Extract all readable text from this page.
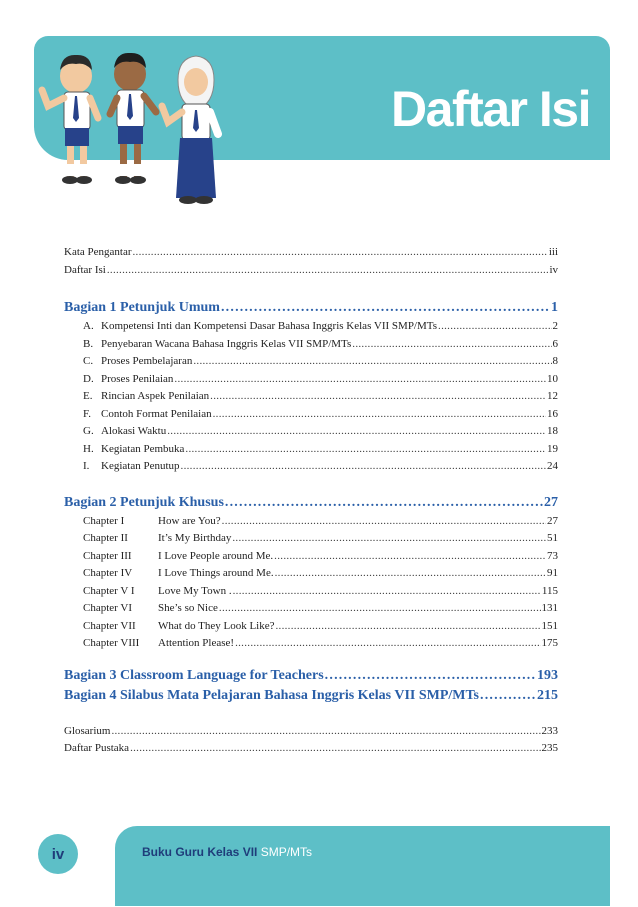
Daftar Isi
Kata Pengantar .....	iii
Daftar Isi .....	iv
Bagian 1 Petunjuk Umum .....	1
A. Kompetensi Inti dan Kompetensi Dasar Bahasa Inggris Kelas VII SMP/MTs .....	2
B. Penyebaran Wacana Bahasa Inggris Kelas VII SMP/MTs .....	6
C. Proses Pembelajaran .....	8
D. Proses Penilaian .....	10
E. Rincian Aspek Penilaian .....	12
F. Contoh Format Penilaian .....	16
G. Alokasi Waktu .....	18
H. Kegiatan Pembuka .....	19
I. Kegiatan Penutup .....	24
Bagian 2 Petunjuk Khusus .....	27
Chapter I	How are You? .....	27
Chapter II	It’s My Birthday .....	51
Chapter III I Love People around Me. .....	73
Chapter IV I Love Things around Me. .....	91
Chapter V I Love My Town . .....	115
Chapter VI She’s so Nice .....	131
Chapter VII What do They Look Like? .....	151
Chapter VIII Attention Please! .....	175
Bagian 3 Classroom Language for Teachers .....	193
Bagian 4 Silabus Mata Pelajaran Bahasa Inggris Kelas VII SMP/MTs .....	215
Glosarium .....	233
Daftar Pustaka .....	235
iv	Buku Guru Kelas VII SMP/MTs
